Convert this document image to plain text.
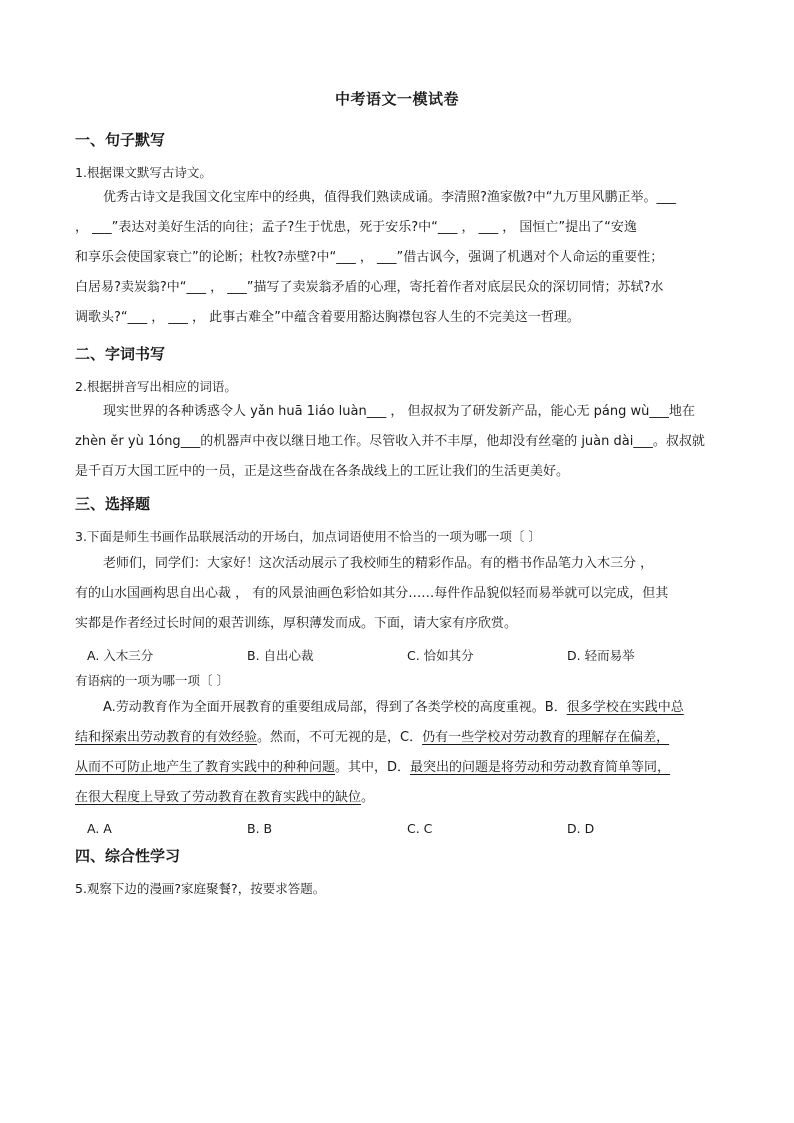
中考语文一模试卷
一、句子默写
1.根据课文默写古诗文。
优秀古诗文是我国文化宝库中的经典，值得我们熟读成诵。李清照?渔家傲?中“九万里风鹏正举。___
， ___”表达对美好生活的向往；孟子?生于忧患，死于安乐?中“___ ， ___ ， 国恒亡”提出了“安逸
和享乐会使国家衰亡”的论断；杜牧?赤壁?中“___ ， ___”借古讽今，强调了机遇对个人命运的重要性；
白居易?卖炭翁?中“___ ， ___”描写了卖炭翁矛盾的心理，寄托着作者对底层民众的深切同情；苏轼?水
调歌头?“___ ， ___ ， 此事古难全”中蕴含着要用豁达胸襟包容人生的不完美这一哲理。
二、字词书写
2.根据拼音写出相应的词语。
现实世界的各种诱惑令人 yǎn huā 1iáo luàn___ ， 但叔叔为了研发新产品，能心无 páng wù___地在
zhèn ěr yù 1óng___的机器声中夜以继日地工作。尽管收入并不丰厚，他却没有丝毫的 juàn dài___。叔叔就
是千百万大国工匠中的一员，正是这些奋战在各条战线上的工匠让我们的生活更美好。
三、选择题
3.下面是师生书画作品联展活动的开场白，加点词语使用不恰当的一项为哪一项〔 〕
老师们，同学们：大家好！这次活动展示了我校师生的精彩作品。有的楷书作品笔力入木三分 ，
有的山水国画构思自出心裁 ， 有的风景油画色彩恰如其分……每件作品貌似轻而易举就可以完成，但其
实都是作者经过长时间的艰苦训练，厚积薄发而成。下面，请大家有序欣赏。
A. 入木三分	B. 自出心裁	C. 恰如其分	D. 轻而易举
有语病的一项为哪一项〔 〕
A.劳动教育作为全面开展教育的重要组成局部，得到了各类学校的高度重视。B．很多学校在实践中总
结和探索出劳动教育的有效经验。然而，不可无视的是，C．仍有一些学校对劳动教育的理解存在偏差，
从而不可防止地产生了教育实践中的种种问题。其中，D．最突出的问题是将劳动和劳动教育简单等同，
在很大程度上导致了劳动教育在教育实践中的缺位。
A. A	B. B	C. C	D. D
四、综合性学习
5.观察下边的漫画?家庭聚餐?，按要求答题。
